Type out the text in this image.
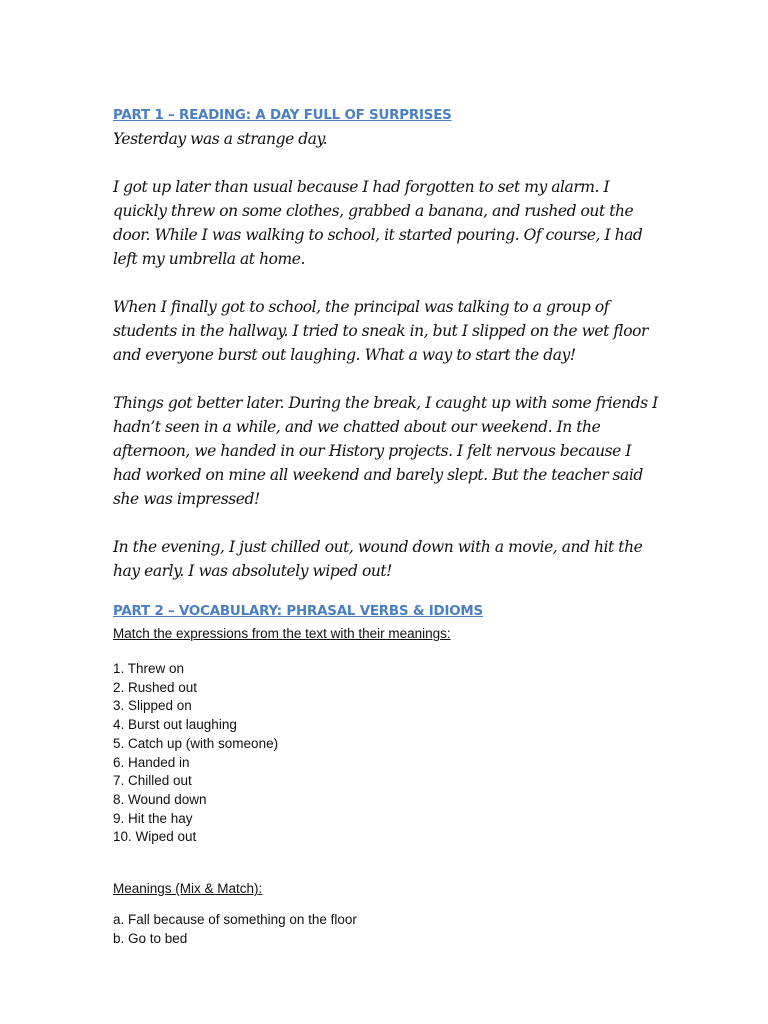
PART 1 – READING: A DAY FULL OF SURPRISES

Yesterday was a strange day.

I got up later than usual because I had forgotten to set my alarm. I quickly threw on some clothes, grabbed a banana, and rushed out the door. While I was walking to school, it started pouring. Of course, I had left my umbrella at home.

When I finally got to school, the principal was talking to a group of students in the hallway. I tried to sneak in, but I slipped on the wet floor and everyone burst out laughing. What a way to start the day!

Things got better later. During the break, I caught up with some friends I hadn’t seen in a while, and we chatted about our weekend. In the afternoon, we handed in our History projects. I felt nervous because I had worked on mine all weekend and barely slept. But the teacher said she was impressed!

In the evening, I just chilled out, wound down with a movie, and hit the hay early. I was absolutely wiped out!

PART 2 – VOCABULARY: PHRASAL VERBS & IDIOMS

Match the expressions from the text with their meanings:

1. Threw on
2. Rushed out
3. Slipped on
4. Burst out laughing
5. Catch up (with someone)
6. Handed in
7. Chilled out
8. Wound down
9. Hit the hay
10. Wiped out

Meanings (Mix & Match):

a. Fall because of something on the floor
b. Go to bed
